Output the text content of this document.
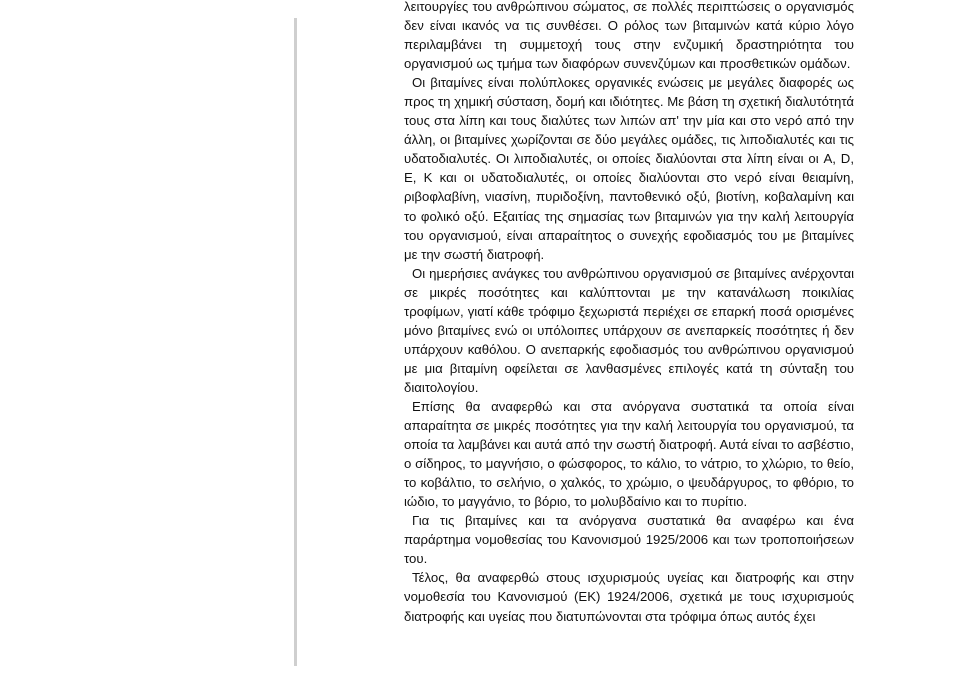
λειτουργίες του ανθρώπινου σώματος, σε πολλές περιπτώσεις ο οργανισμός δεν είναι ικανός να τις συνθέσει. Ο ρόλος των βιταμινών κατά κύριο λόγο περιλαμβάνει τη συμμετοχή τους στην ενζυμική δραστηριότητα του οργανισμού ως τμήμα των διαφόρων συνενζύμων και προσθετικών ομάδων.

Οι βιταμίνες είναι πολύπλοκες οργανικές ενώσεις με μεγάλες διαφορές ως προς τη χημική σύσταση, δομή και ιδιότητες. Με βάση τη σχετική διαλυτότητά τους στα λίπη και τους διαλύτες των λιπών απ' την μία και στο νερό από την άλλη, οι βιταμίνες χωρίζονται σε δύο μεγάλες ομάδες, τις λιποδιαλυτές και τις υδατοδιαλυτές. Οι λιποδιαλυτές, οι οποίες διαλύονται στα λίπη είναι οι A, D, E, K και οι υδατοδιαλυτές, οι οποίες διαλύονται στο νερό είναι θειαμίνη, ριβοφλαβίνη, νιασίνη, πυριδοξίνη, παντοθενικό οξύ, βιοτίνη, κοβαλαμίνη και το φολικό οξύ. Εξαιτίας της σημασίας των βιταμινών για την καλή λειτουργία του οργανισμού, είναι απαραίτητος ο συνεχής εφοδιασμός του με βιταμίνες με την σωστή διατροφή.

Οι ημερήσιες ανάγκες του ανθρώπινου οργανισμού σε βιταμίνες ανέρχονται σε μικρές ποσότητες και καλύπτονται με την κατανάλωση ποικιλίας τροφίμων, γιατί κάθε τρόφιμο ξεχωριστά περιέχει σε επαρκή ποσά ορισμένες μόνο βιταμίνες ενώ οι υπόλοιπες υπάρχουν σε ανεπαρκείς ποσότητες ή δεν υπάρχουν καθόλου. Ο ανεπαρκής εφοδιασμός του ανθρώπινου οργανισμού με μια βιταμίνη οφείλεται σε λανθασμένες επιλογές κατά τη σύνταξη του διαιτολογίου.

Επίσης θα αναφερθώ και στα ανόργανα συστατικά τα οποία είναι απαραίτητα σε μικρές ποσότητες για την καλή λειτουργία του οργανισμού, τα οποία τα λαμβάνει και αυτά από την σωστή διατροφή. Αυτά είναι το ασβέστιο, ο σίδηρος, το μαγνήσιο, ο φώσφορος, το κάλιο, το νάτριο, το χλώριο, το θείο, το κοβάλτιο, το σελήνιο, ο χαλκός, το χρώμιο, ο ψευδάργυρος, το φθόριο, το ιώδιο, το μαγγάνιο, το βόριο, το μολυβδαίνιο και το πυρίτιο.

Για τις βιταμίνες και τα ανόργανα συστατικά θα αναφέρω και ένα παράρτημα νομοθεσίας του Κανονισμού 1925/2006 και των τροποποιήσεων του.

Τέλος, θα αναφερθώ στους ισχυρισμούς υγείας και διατροφής και στην νομοθεσία του Κανονισμού (ΕΚ) 1924/2006, σχετικά με τους ισχυρισμούς διατροφής και υγείας που διατυπώνονται στα τρόφιμα όπως αυτός έχει
